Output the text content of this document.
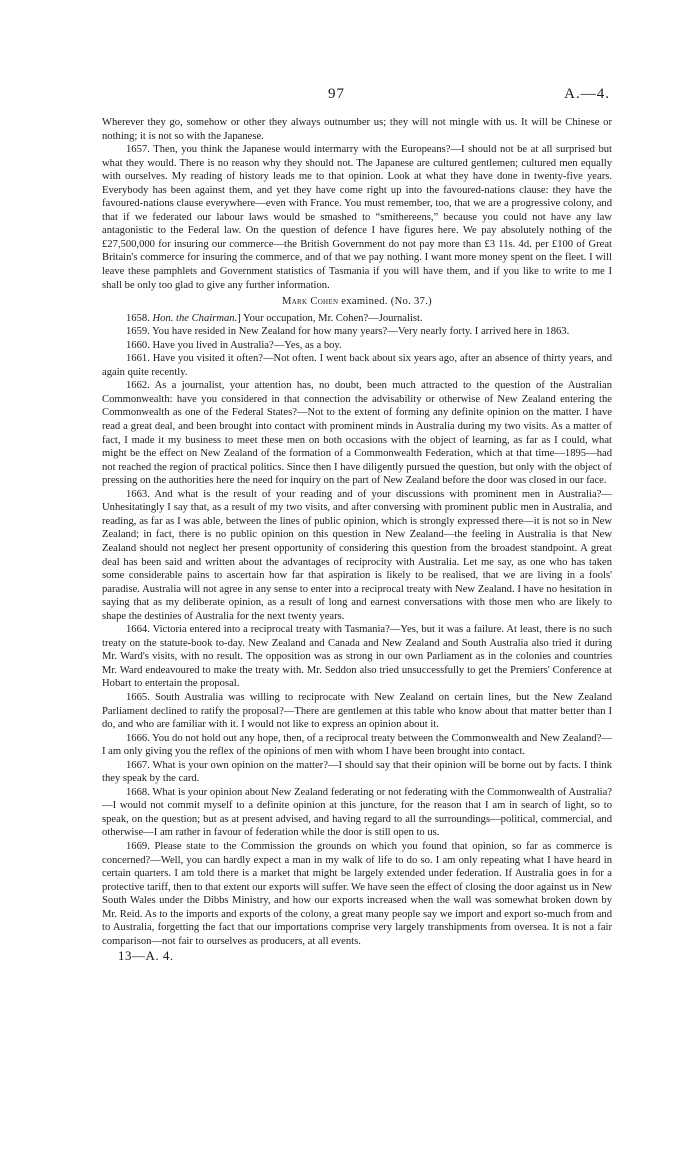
97	A.—4.

Wherever they go, somehow or other they always outnumber us; they will not mingle with us. It will be Chinese or nothing; it is not so with the Japanese.

1657. Then, you think the Japanese would intermarry with the Europeans?—I should not be at all surprised but what they would. There is no reason why they should not. The Japanese are cultured gentlemen; cultured men equally with ourselves. My reading of history leads me to that opinion. Look at what they have done in twenty-five years. Everybody has been against them, and yet they have come right up into the favoured-nations clause: they have the favoured-nations clause everywhere—even with France. You must remember, too, that we are a progressive colony, and that if we federated our labour laws would be smashed to “smithereens,” because you could not have any law antagonistic to the Federal law. On the question of defence I have figures here. We pay absolutely nothing of the £27,500,000 for insuring our commerce—the British Government do not pay more than £3 11s. 4d. per £100 of Great Britain's commerce for insuring the commerce, and of that we pay nothing. I want more money spent on the fleet. I will leave these pamphlets and Government statistics of Tasmania if you will have them, and if you like to write to me I shall be only too glad to give any further information.

Mark Cohen examined. (No. 37.)

1658. Hon. the Chairman.] Your occupation, Mr. Cohen?—Journalist.

1659. You have resided in New Zealand for how many years?—Very nearly forty. I arrived here in 1863.

1660. Have you lived in Australia?—Yes, as a boy.

1661. Have you visited it often?—Not often. I went back about six years ago, after an absence of thirty years, and again quite recently.

1662. As a journalist, your attention has, no doubt, been much attracted to the question of the Australian Commonwealth: have you considered in that connection the advisability or otherwise of New Zealand entering the Commonwealth as one of the Federal States?—Not to the extent of forming any definite opinion on the matter. I have read a great deal, and been brought into contact with prominent minds in Australia during my two visits. As a matter of fact, I made it my business to meet these men on both occasions with the object of learning, as far as I could, what might be the effect on New Zealand of the formation of a Commonwealth Federation, which at that time—1895—had not reached the region of practical politics. Since then I have diligently pursued the question, but only with the object of pressing on the authorities here the need for inquiry on the part of New Zealand before the door was closed in our face.

1663. And what is the result of your reading and of your discussions with prominent men in Australia?—Unhesitatingly I say that, as a result of my two visits, and after conversing with prominent public men in Australia, and reading, as far as I was able, between the lines of public opinion, which is strongly expressed there—it is not so in New Zealand; in fact, there is no public opinion on this question in New Zealand—the feeling in Australia is that New Zealand should not neglect her present opportunity of considering this question from the broadest standpoint. A great deal has been said and written about the advantages of reciprocity with Australia. Let me say, as one who has taken some considerable pains to ascertain how far that aspiration is likely to be realised, that we are living in a fools' paradise. Australia will not agree in any sense to enter into a reciprocal treaty with New Zealand. I have no hesitation in saying that as my deliberate opinion, as a result of long and earnest conversations with those men who are likely to shape the destinies of Australia for the next twenty years.

1664. Victoria entered into a reciprocal treaty with Tasmania?—Yes, but it was a failure. At least, there is no such treaty on the statute-book to-day. New Zealand and Canada and New Zealand and South Australia also tried it during Mr. Ward's visits, with no result. The opposition was as strong in our own Parliament as in the colonies and countries Mr. Ward endeavoured to make the treaty with. Mr. Seddon also tried unsuccessfully to get the Premiers' Conference at Hobart to entertain the proposal.

1665. South Australia was willing to reciprocate with New Zealand on certain lines, but the New Zealand Parliament declined to ratify the proposal?—There are gentlemen at this table who know about that matter better than I do, and who are familiar with it. I would not like to express an opinion about it.

1666. You do not hold out any hope, then, of a reciprocal treaty between the Commonwealth and New Zealand?—I am only giving you the reflex of the opinions of men with whom I have been brought into contact.

1667. What is your own opinion on the matter?—I should say that their opinion will be borne out by facts. I think they speak by the card.

1668. What is your opinion about New Zealand federating or not federating with the Commonwealth of Australia?—I would not commit myself to a definite opinion at this juncture, for the reason that I am in search of light, so to speak, on the question; but as at present advised, and having regard to all the surroundings—political, commercial, and otherwise—I am rather in favour of federation while the door is still open to us.

1669. Please state to the Commission the grounds on which you found that opinion, so far as commerce is concerned?—Well, you can hardly expect a man in my walk of life to do so. I am only repeating what I have heard in certain quarters. I am told there is a market that might be largely extended under federation. If Australia goes in for a protective tariff, then to that extent our exports will suffer. We have seen the effect of closing the door against us in New South Wales under the Dibbs Ministry, and how our exports increased when the wall was somewhat broken down by Mr. Reid. As to the imports and exports of the colony, a great many people say we import and export so-much from and to Australia, forgetting the fact that our importations comprise very largely transhipments from oversea. It is not a fair comparison—not fair to ourselves as producers, at all events.

13—A. 4.
